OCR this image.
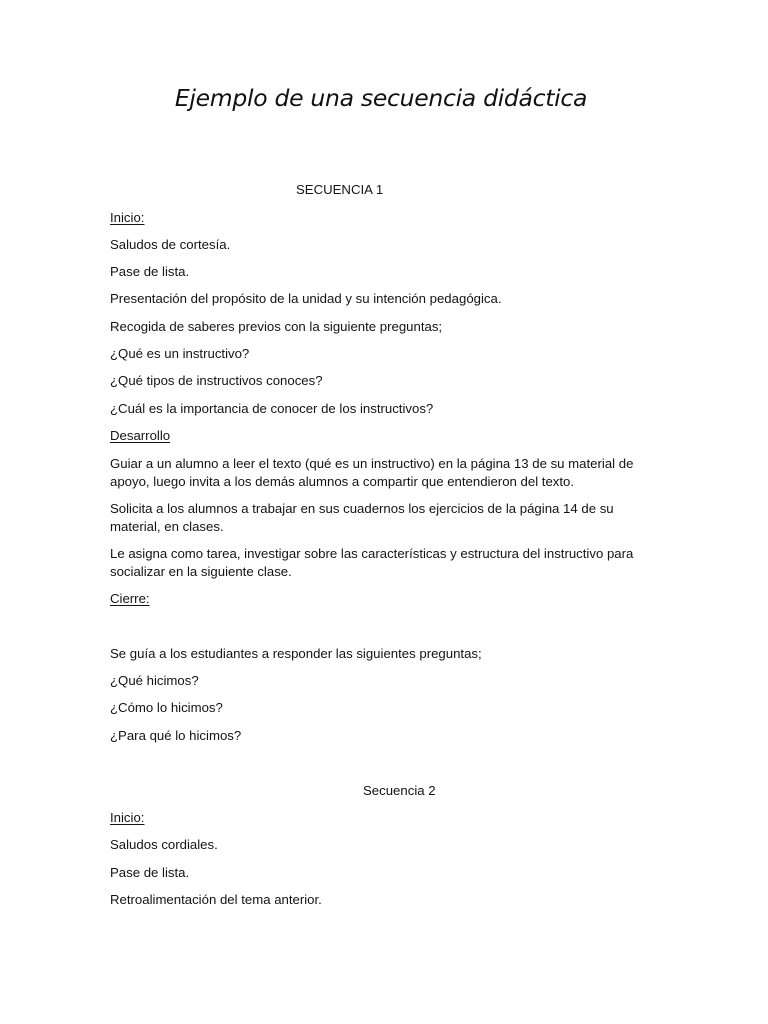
Ejemplo de una secuencia didáctica

SECUENCIA 1

Inicio:

Saludos de cortesía.

Pase de lista.

Presentación del propósito de la unidad y su intención pedagógica.

Recogida de saberes previos con la siguiente preguntas;

¿Qué es un instructivo?

¿Qué tipos de instructivos conoces?

¿Cuál es la importancia de conocer de los instructivos?

Desarrollo

Guiar a un alumno a leer el texto (qué es un instructivo) en la página 13 de su material de apoyo, luego invita a los demás alumnos a compartir que entendieron del texto.

Solicita a los alumnos a trabajar en sus cuadernos los ejercicios de la página 14 de su material, en clases.

Le asigna como tarea, investigar sobre las características y estructura del instructivo para socializar en la siguiente clase.

Cierre:

Se guía a los estudiantes a responder las siguientes preguntas;

¿Qué hicimos?

¿Cómo lo hicimos?

¿Para qué lo hicimos?

Secuencia 2

Inicio:

Saludos cordiales.

Pase de lista.

Retroalimentación del tema anterior.
